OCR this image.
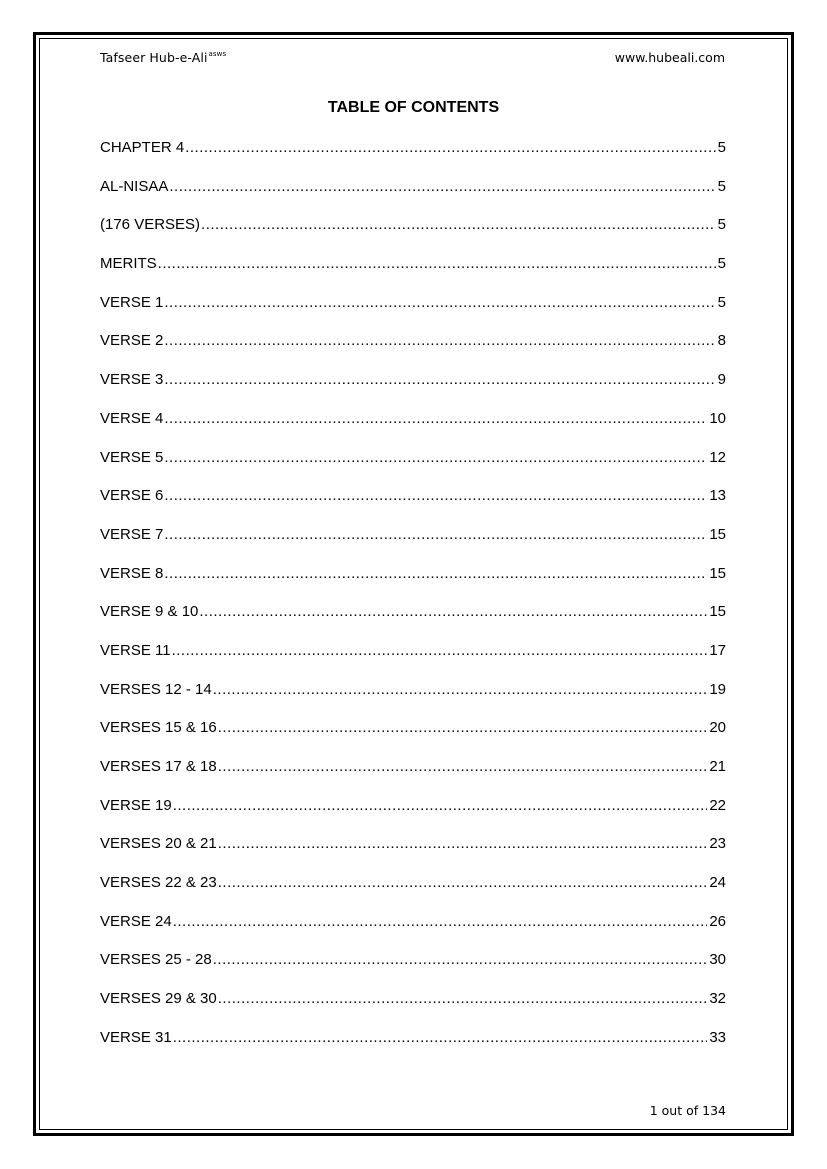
Tafseer Hub-e-Ali$^{asws}$	www.hubeali.com
TABLE OF CONTENTS
CHAPTER 4 .....	5
AL-NISAA .....	5
(176 VERSES) .....	5
MERITS .....	5
VERSE 1 .....	5
VERSE 2 .....	8
VERSE 3 .....	9
VERSE 4 .....	10
VERSE 5 .....	12
VERSE 6 .....	13
VERSE 7 .....	15
VERSE 8 .....	15
VERSE 9 & 10 .....	15
VERSE 11 .....	17
VERSES 12 - 14 .....	19
VERSES 15 & 16 .....	20
VERSES 17 & 18 .....	21
VERSE 19 .....	22
VERSES 20 & 21 .....	23
VERSES 22 & 23 .....	24
VERSE 24 .....	26
VERSES 25 - 28 .....	30
VERSES 29 & 30 .....	32
VERSE 31 .....	33
1 out of 134
